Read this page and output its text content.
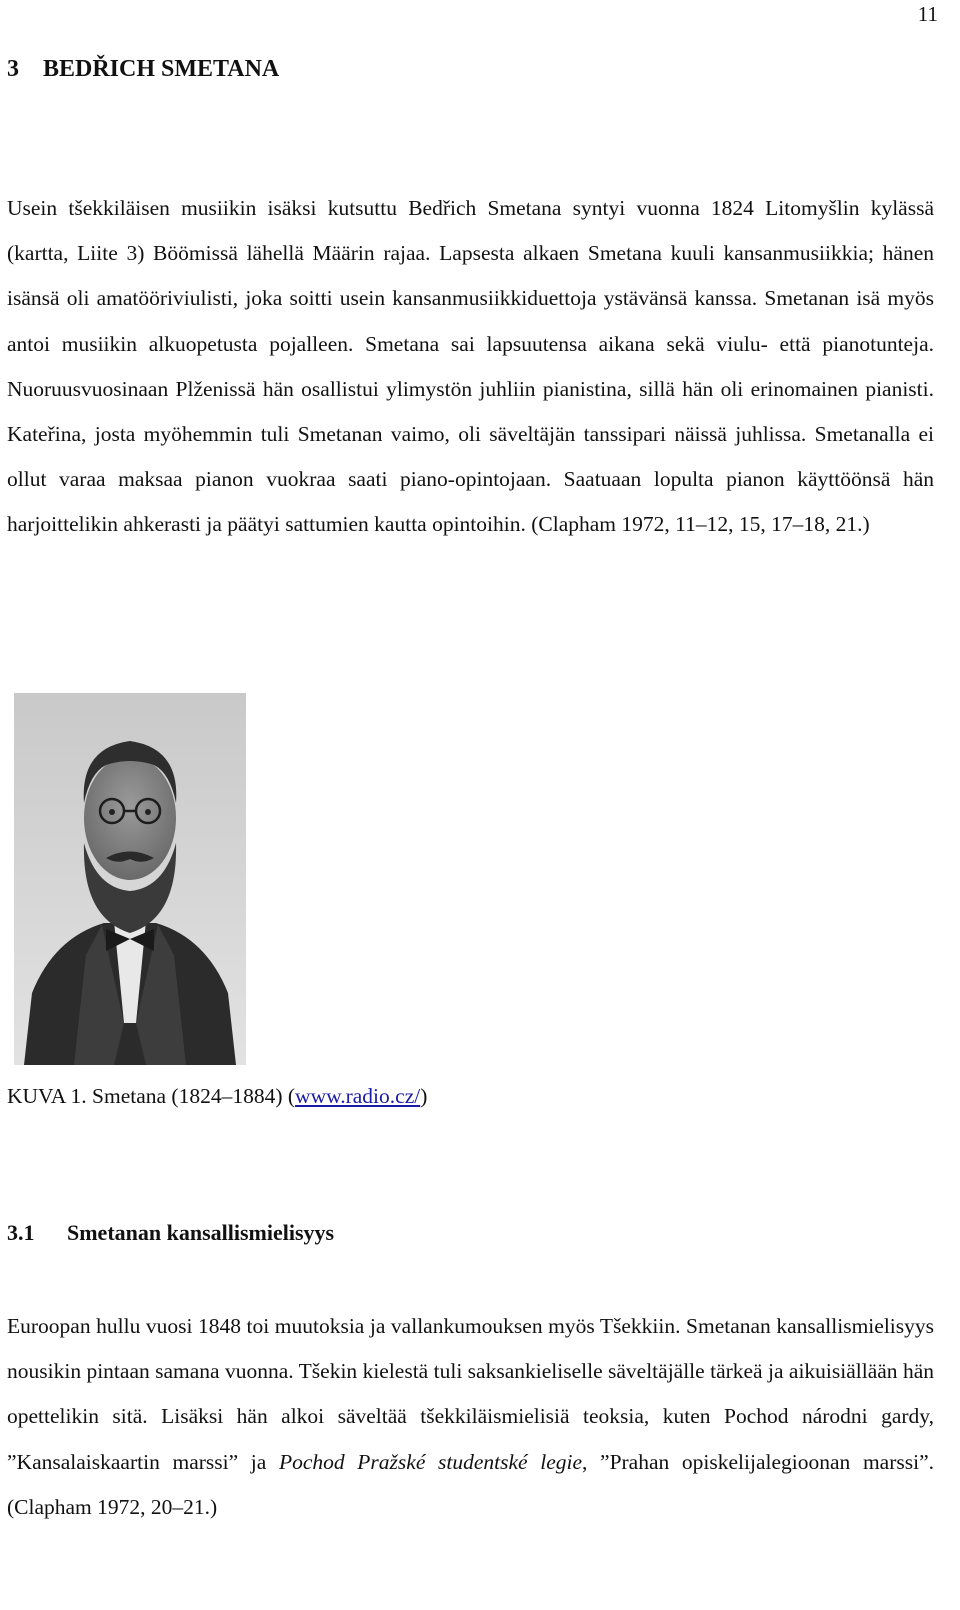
11
3 BEDŘICH SMETANA

Usein tšekkiläisen musiikin isäksi kutsuttu Bedřich Smetana syntyi vuonna 1824 Litomyšlin kylässä (kartta, Liite 3) Böömissä lähellä Määrin rajaa. Lapsesta alkaen Smetana kuuli kansanmusiikkia; hänen isänsä oli amatööriviulisti, joka soitti usein kansanmusiikkiduettoja ystävänsä kanssa. Smetanan isä myös antoi musiikin alkuopetusta pojalleen. Smetana sai lapsuutensa aikana sekä viulu- että pianotunteja. Nuoruusvuosinaan Plženissä hän osallistui ylimystön juhliin pianistina, sillä hän oli erinomainen pianisti. Kateřina, josta myöhemmin tuli Smetanan vaimo, oli säveltäjän tanssipari näissä juhlissa. Smetanalla ei ollut varaa maksaa pianon vuokraa saati piano-opintojaan. Saatuaan lopulta pianon käyttöönsä hän harjoittelikin ahkerasti ja päätyi sattumien kautta opintoihin. (Clapham 1972, 11–12, 15, 17–18, 21.)

KUVA 1. Smetana (1824–1884) (www.radio.cz/)

3.1 Smetanan kansallismielisyys

Euroopan hullu vuosi 1848 toi muutoksia ja vallankumouksen myös Tšekkiin. Smetanan kansallismielisyys nousikin pintaan samana vuonna. Tšekin kielestä tuli saksankieliselle säveltäjälle tärkeä ja aikuisiällään hän opettelikin sitä. Lisäksi hän alkoi säveltää tšekkiläismielisiä teoksia, kuten Pochod národni gardy, ”Kansalaiskaartin marssi” ja Pochod Pražské studentské legie, ”Prahan opiskelijalegioonan marssi”. (Clapham 1972, 20–21.)
